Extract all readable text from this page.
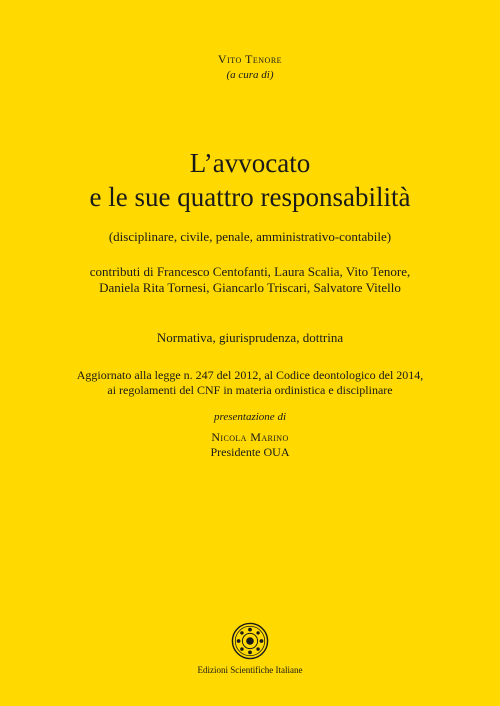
Vito Tenore
(a cura di)
L’avvocato
e le sue quattro responsabilità
(disciplinare, civile, penale, amministrativo-contabile)
contributi di Francesco Centofanti, Laura Scalia, Vito Tenore,
Daniela Rita Tornesi, Giancarlo Triscari, Salvatore Vitello
Normativa, giurisprudenza, dottrina
Aggiornato alla legge n. 247 del 2012, al Codice deontologico del 2014,
ai regolamenti del CNF in materia ordinistica e disciplinare
presentazione di
Nicola Marino
Presidente OUA
Edizioni Scientifiche Italiane
